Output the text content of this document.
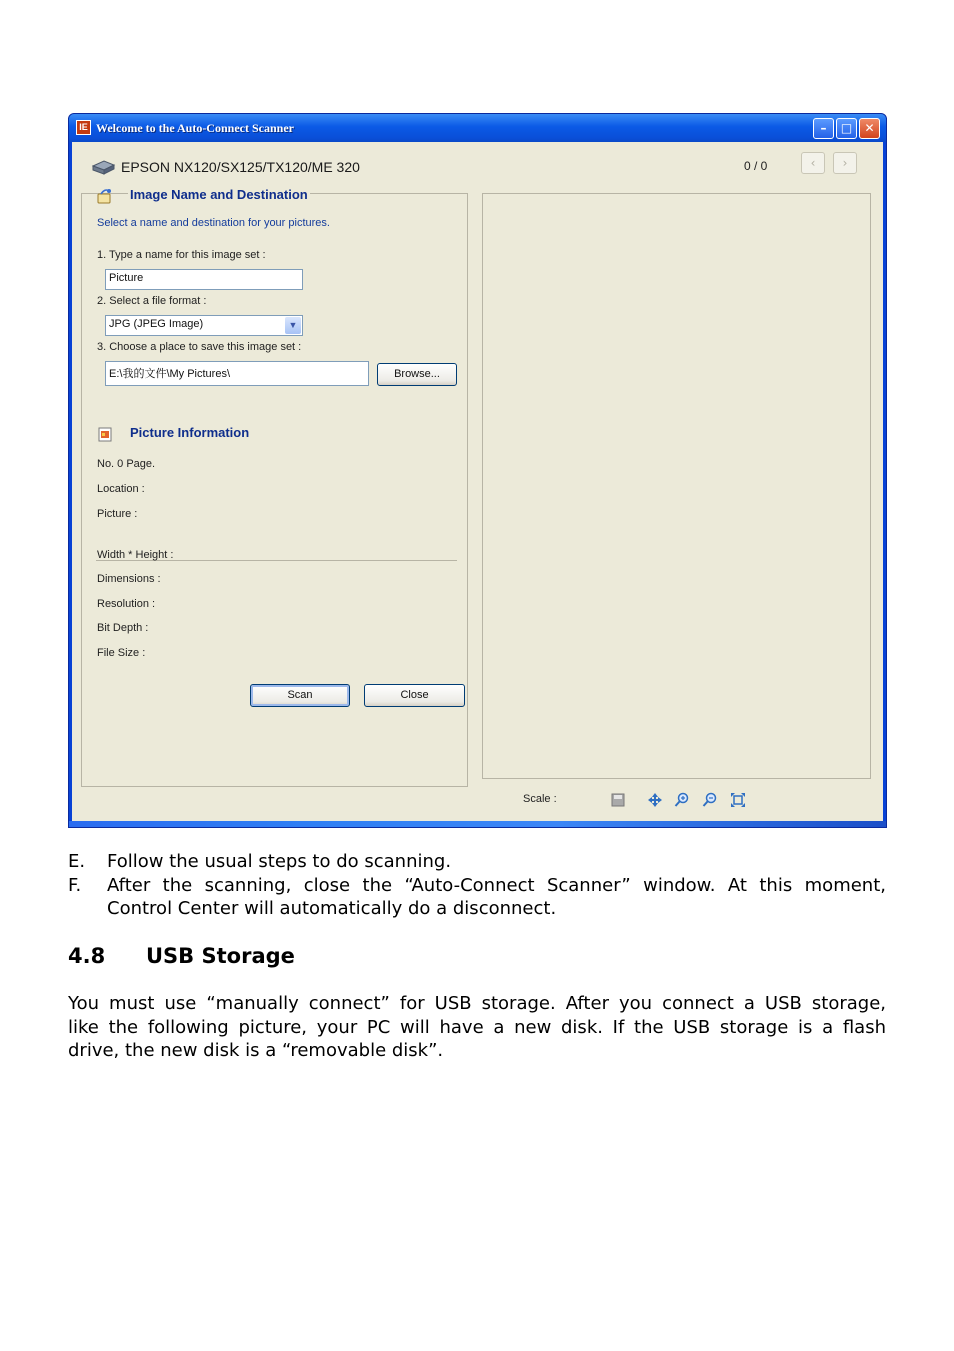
IE Welcome to the Auto-Connect Scanner	–	□	✕
EPSON NX120/SX125/TX120/ME 320	0 / 0	‹	›
Image Name and Destination
Select a name and destination for your pictures.
1. Type a name for this image set :
Picture
2. Select a file format :
JPG (JPEG Image)	▼
3. Choose a place to save this image set :
E:\我的文件\My Pictures\	Browse...
Picture Information
No. 0 Page.
Location :
Picture :
Width * Height :
Dimensions :
Resolution :
Bit Depth :
File Size :
Scan	Close
Scale :
E. Follow the usual steps to do scanning.
F. After the scanning, close the “Auto-Connect Scanner” window. At this moment,
Control Center will automatically do a disconnect.
4.8 USB Storage
You must use “manually connect” for USB storage. After you connect a USB storage,
like the following picture, your PC will have a new disk. If the USB storage is a flash
drive, the new disk is a “removable disk”.
